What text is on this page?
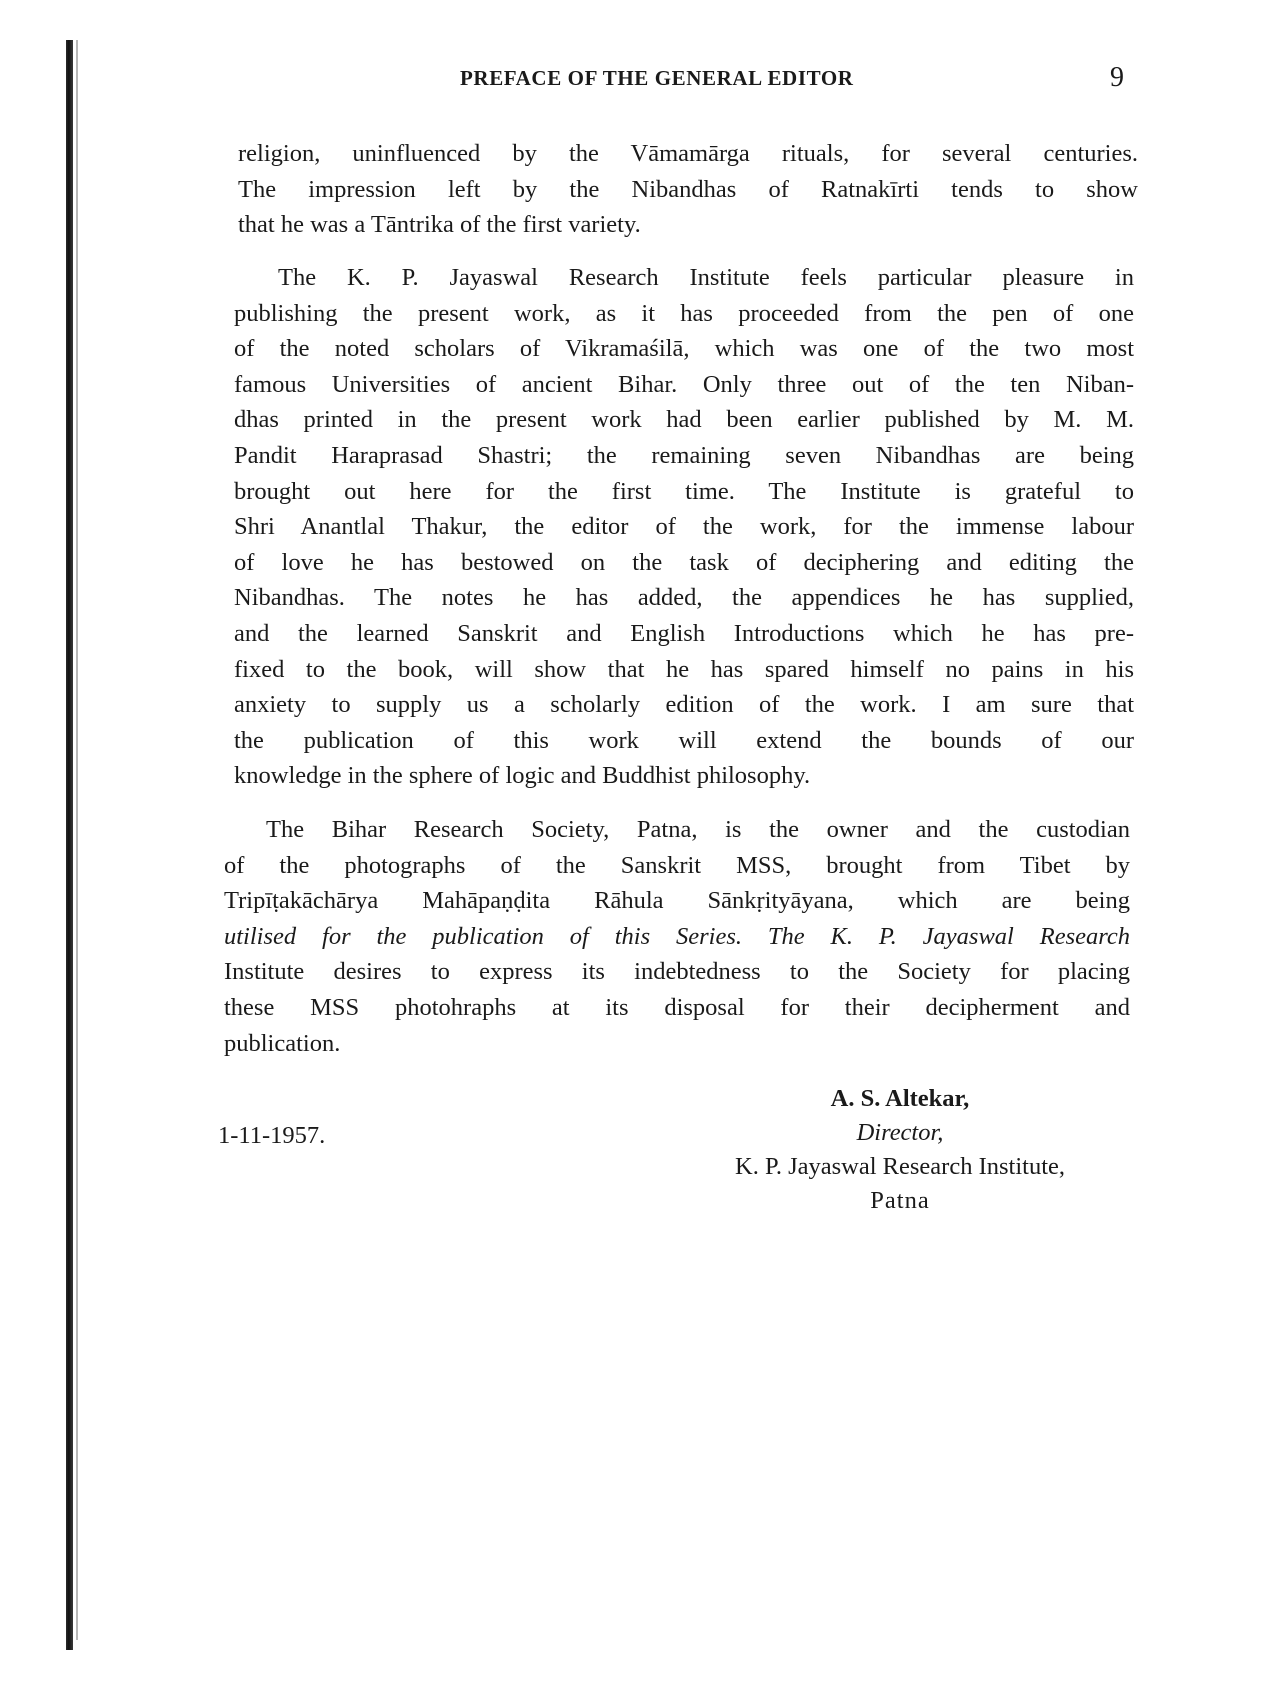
PREFACE OF THE GENERAL EDITOR	9

religion, uninfluenced by the Vāmamārga rituals, for several centuries.
The impression left by the Nibandhas of Ratnakīrti tends to show
that he was a Tāntrika of the first variety.

The K. P. Jayaswal Research Institute feels particular pleasure in
publishing the present work, as it has proceeded from the pen of one
of the noted scholars of Vikramaśilā, which was one of the two most
famous Universities of ancient Bihar. Only three out of the ten Niban-
dhas printed in the present work had been earlier published by M. M.
Pandit Haraprasad Shastri; the remaining seven Nibandhas are being
brought out here for the first time. The Institute is grateful to
Shri Anantlal Thakur, the editor of the work, for the immense labour
of love he has bestowed on the task of deciphering and editing the
Nibandhas. The notes he has added, the appendices he has supplied,
and the learned Sanskrit and English Introductions which he has pre-
fixed to the book, will show that he has spared himself no pains in his
anxiety to supply us a scholarly edition of the work. I am sure that
the publication of this work will extend the bounds of our
knowledge in the sphere of logic and Buddhist philosophy.

The Bihar Research Society, Patna, is the owner and the custodian
of the photographs of the Sanskrit MSS, brought from Tibet by
Tripīṭakāchārya Mahāpaṇḍita Rāhula Sānkṛityāyana, which are being
utilised for the publication of this Series. The K. P. Jayaswal Research
Institute desires to express its indebtedness to the Society for placing
these MSS photohraphs at its disposal for their decipherment and
publication.

1-11-1957.
A. S. Altekar,
Director,
K. P. Jayaswal Research Institute,
Patna
